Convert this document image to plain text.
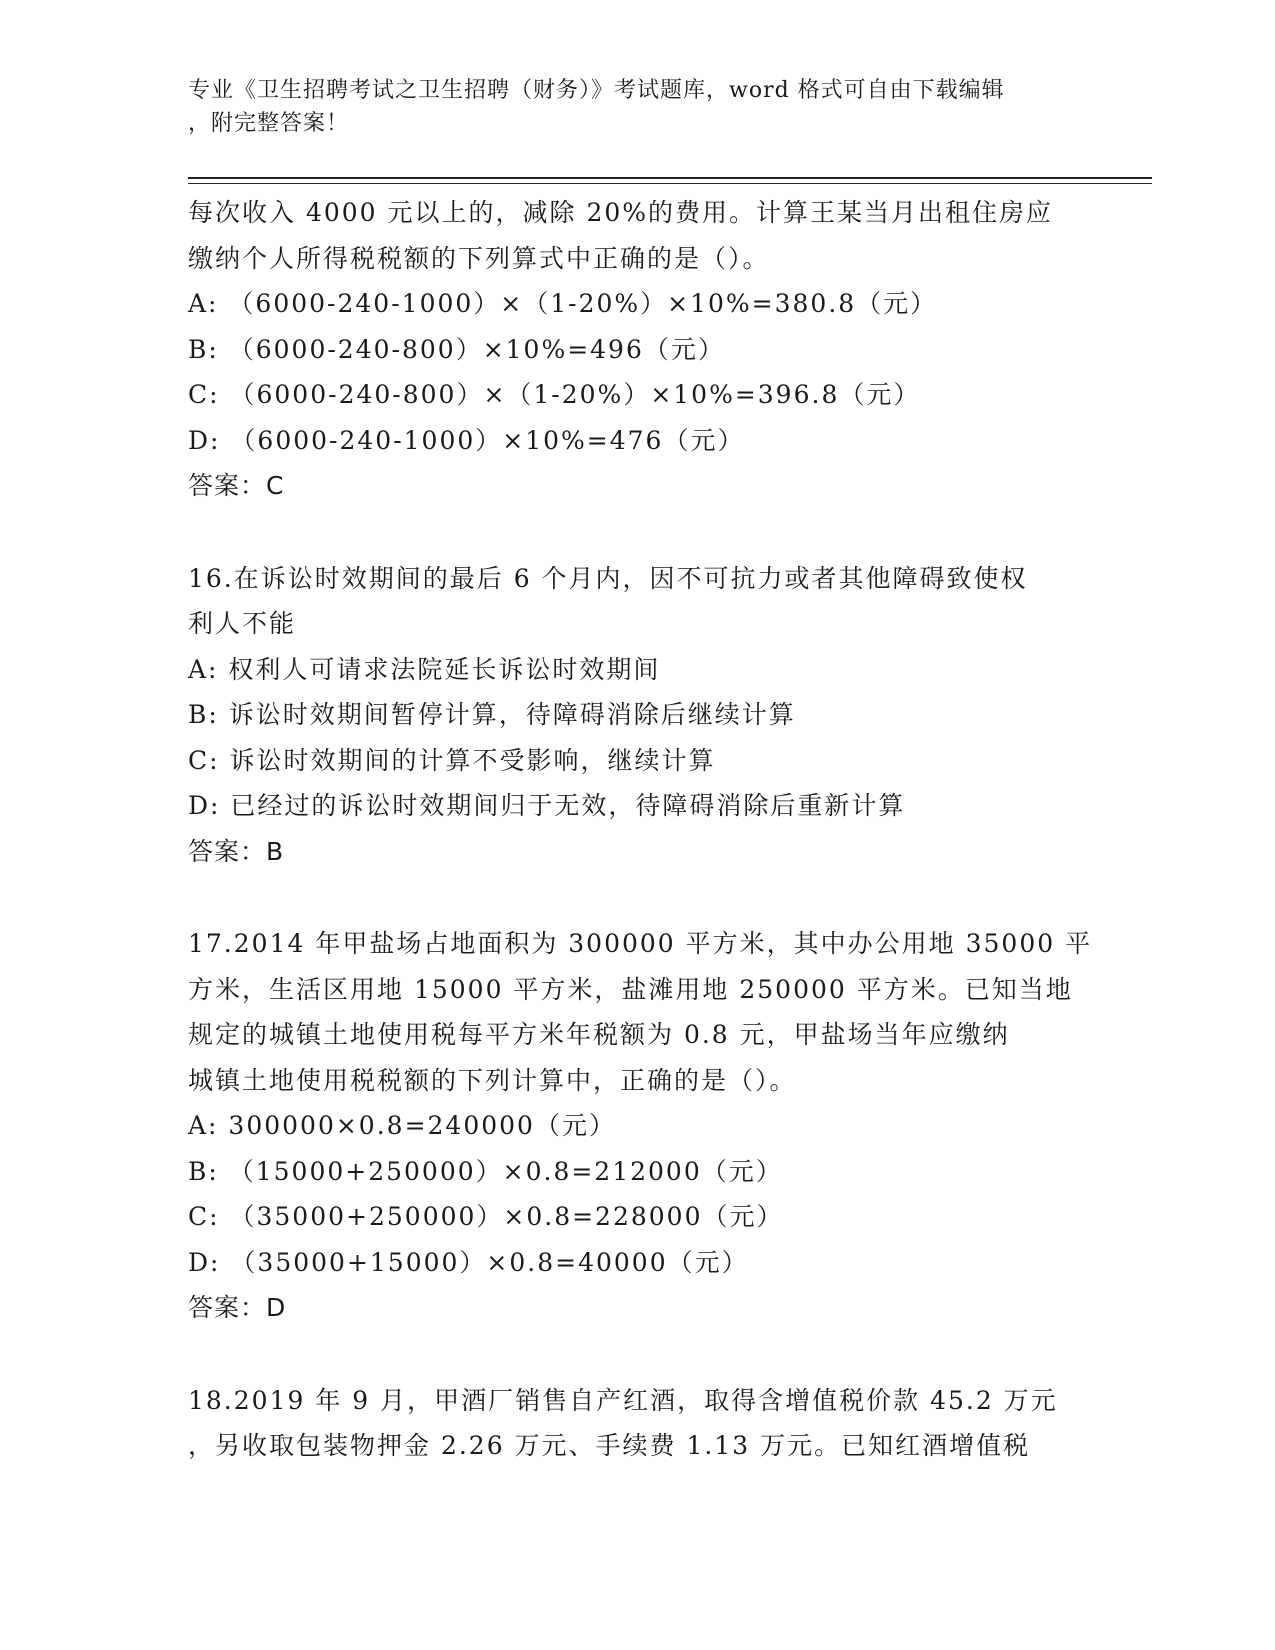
专业《卫生招聘考试之卫生招聘（财务）》考试题库，word 格式可自由下载编辑
，附完整答案！
每次收入 4000 元以上的，减除 20%的费用。计算王某当月出租住房应
缴纳个人所得税税额的下列算式中正确的是（）。
A: （6000-240-1000）×（1-20%）×10%=380.8（元）
B: （6000-240-800）×10%=496（元）
C: （6000-240-800）×（1-20%）×10%=396.8（元）
D: （6000-240-1000）×10%=476（元）
答案：C
16.在诉讼时效期间的最后 6 个月内，因不可抗力或者其他障碍致使权
利人不能
A: 权利人可请求法院延长诉讼时效期间
B: 诉讼时效期间暂停计算，待障碍消除后继续计算
C: 诉讼时效期间的计算不受影响，继续计算
D: 已经过的诉讼时效期间归于无效，待障碍消除后重新计算
答案：B
17.2014 年甲盐场占地面积为 300000 平方米，其中办公用地 35000 平
方米，生活区用地 15000 平方米，盐滩用地 250000 平方米。已知当地
规定的城镇土地使用税每平方米年税额为 0.8 元，甲盐场当年应缴纳
城镇土地使用税税额的下列计算中，正确的是（）。
A: 300000×0.8=240000（元）
B: （15000+250000）×0.8=212000（元）
C: （35000+250000）×0.8=228000（元）
D: （35000+15000）×0.8=40000（元）
答案：D
18.2019 年 9 月，甲酒厂销售自产红酒，取得含增值税价款 45.2 万元
，另收取包装物押金 2.26 万元、手续费 1.13 万元。已知红酒增值税
